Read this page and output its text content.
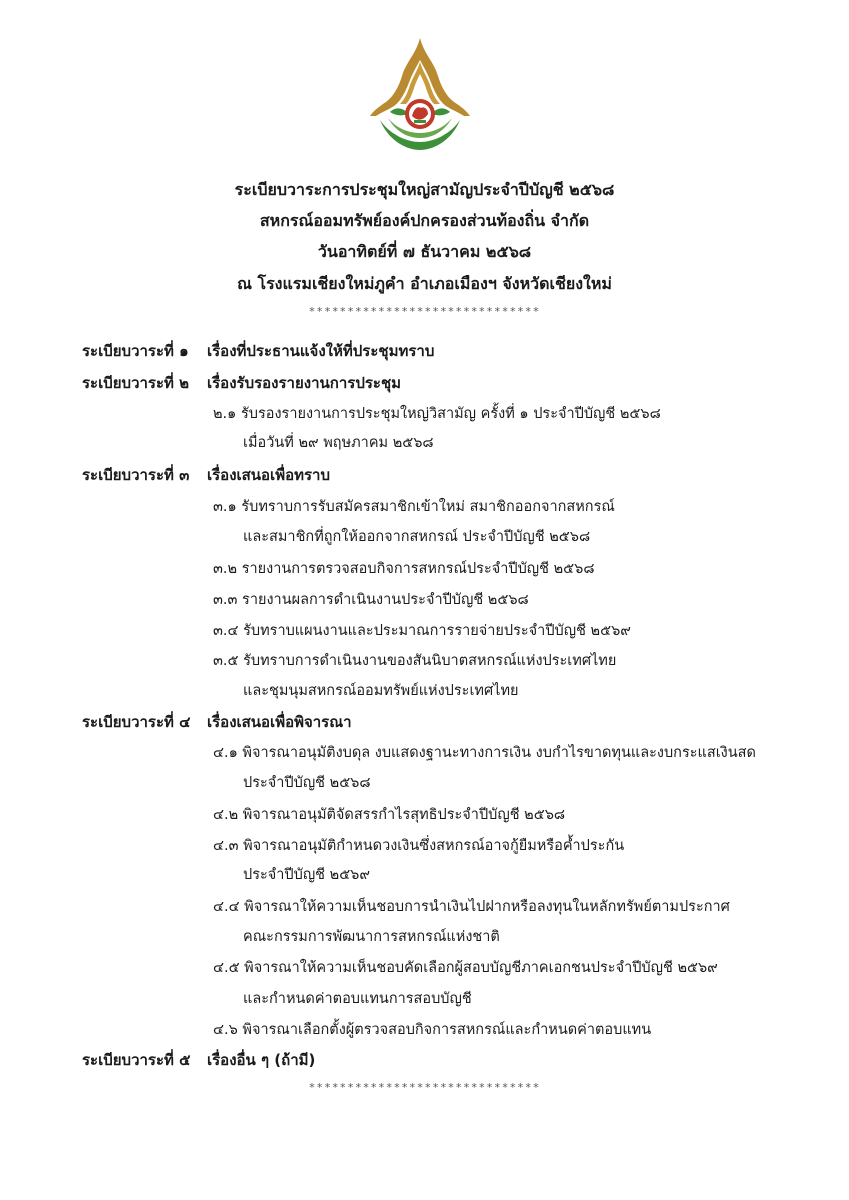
ระเบียบวาระการประชุมใหญ่สามัญประจำปีบัญชี ๒๕๖๘
สหกรณ์ออมทรัพย์องค์ปกครองส่วนท้องถิ่น จำกัด
วันอาทิตย์ที่ ๗ ธันวาคม ๒๕๖๘
ณ โรงแรมเชียงใหม่ภูคำ อำเภอเมืองฯ จังหวัดเชียงใหม่
******************************
ระเบียบวาระที่ ๑ เรื่องที่ประธานแจ้งให้ที่ประชุมทราบ
ระเบียบวาระที่ ๒ เรื่องรับรองรายงานการประชุม
๒.๑ รับรองรายงานการประชุมใหญ่วิสามัญ ครั้งที่ ๑ ประจำปีบัญชี ๒๕๖๘
เมื่อวันที่ ๒๙ พฤษภาคม ๒๕๖๘
ระเบียบวาระที่ ๓ เรื่องเสนอเพื่อทราบ
๓.๑ รับทราบการรับสมัครสมาชิกเข้าใหม่ สมาชิกออกจากสหกรณ์
และสมาชิกที่ถูกให้ออกจากสหกรณ์ ประจำปีบัญชี ๒๕๖๘
๓.๒ รายงานการตรวจสอบกิจการสหกรณ์ประจำปีบัญชี ๒๕๖๘
๓.๓ รายงานผลการดำเนินงานประจำปีบัญชี ๒๕๖๘
๓.๔ รับทราบแผนงานและประมาณการรายจ่ายประจำปีบัญชี ๒๕๖๙
๓.๕ รับทราบการดำเนินงานของสันนิบาตสหกรณ์แห่งประเทศไทย
และชุมนุมสหกรณ์ออมทรัพย์แห่งประเทศไทย
ระเบียบวาระที่ ๔ เรื่องเสนอเพื่อพิจารณา
๔.๑ พิจารณาอนุมัติงบดุล งบแสดงฐานะทางการเงิน งบกำไรขาดทุนและงบกระแสเงินสด
ประจำปีบัญชี ๒๕๖๘
๔.๒ พิจารณาอนุมัติจัดสรรกำไรสุทธิประจำปีบัญชี ๒๕๖๘
๔.๓ พิจารณาอนุมัติกำหนดวงเงินซึ่งสหกรณ์อาจกู้ยืมหรือค้ำประกัน
ประจำปีบัญชี ๒๕๖๙
๔.๔ พิจารณาให้ความเห็นชอบการนำเงินไปฝากหรือลงทุนในหลักทรัพย์ตามประกาศ
คณะกรรมการพัฒนาการสหกรณ์แห่งชาติ
๔.๕ พิจารณาให้ความเห็นชอบคัดเลือกผู้สอบบัญชีภาคเอกชนประจำปีบัญชี ๒๕๖๙
และกำหนดค่าตอบแทนการสอบบัญชี
๔.๖ พิจารณาเลือกตั้งผู้ตรวจสอบกิจการสหกรณ์และกำหนดค่าตอบแทน
ระเบียบวาระที่ ๕ เรื่องอื่น ๆ (ถ้ามี)
******************************
